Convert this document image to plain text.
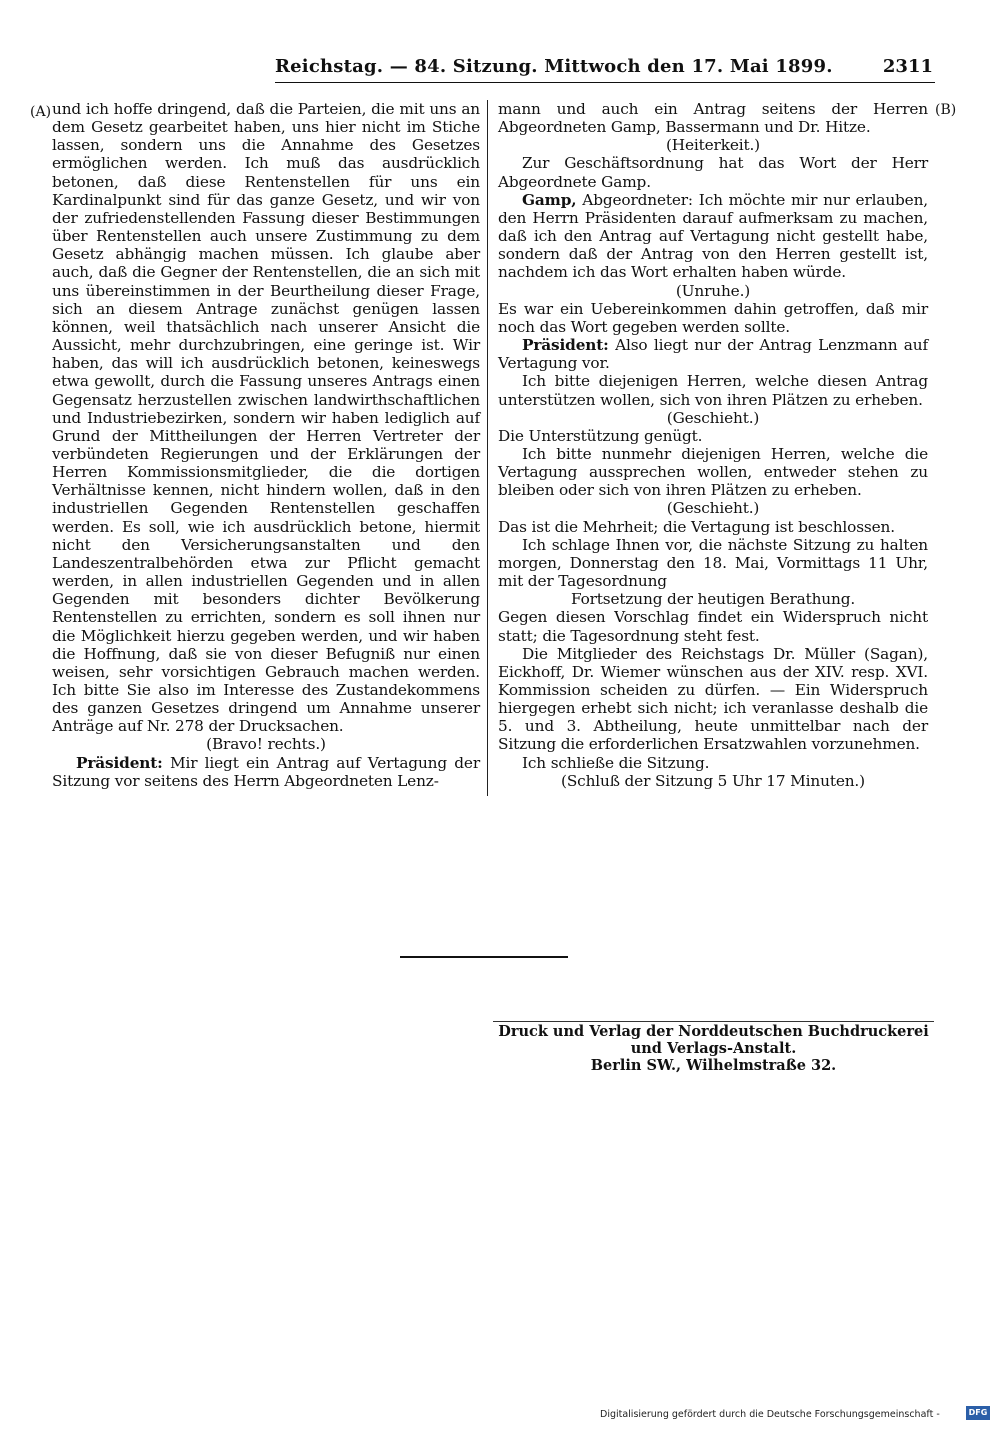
Reichstag. — 84. Sitzung. Mittwoch den 17. Mai 1899.	2311
(A)	(B)

und ich hoffe dringend, daß die Parteien, die mit uns an dem Gesetz gearbeitet haben, uns hier nicht im Stiche lassen, sondern uns die Annahme des Gesetzes ermöglichen werden. Ich muß das ausdrücklich betonen, daß diese Rentenstellen für uns ein Kardinalpunkt sind für das ganze Gesetz, und wir von der zufriedenstellenden Fassung dieser Bestimmungen über Rentenstellen auch unsere Zustimmung zu dem Gesetz abhängig machen müssen. Ich glaube aber auch, daß die Gegner der Rentenstellen, die an sich mit uns übereinstimmen in der Beurtheilung dieser Frage, sich an diesem Antrage zunächst genügen lassen können, weil thatsächlich nach unserer Ansicht die Aussicht, mehr durchzubringen, eine geringe ist. Wir haben, das will ich ausdrücklich betonen, keineswegs etwa gewollt, durch die Fassung unseres Antrags einen Gegensatz herzustellen zwischen landwirthschaftlichen und Industriebezirken, sondern wir haben lediglich auf Grund der Mittheilungen der Herren Vertreter der verbündeten Regierungen und der Erklärungen der Herren Kommissionsmitglieder, die die dortigen Verhältnisse kennen, nicht hindern wollen, daß in den industriellen Gegenden Rentenstellen geschaffen werden. Es soll, wie ich ausdrücklich betone, hiermit nicht den Versicherungsanstalten und den Landeszentralbehörden etwa zur Pflicht gemacht werden, in allen industriellen Gegenden und in allen Gegenden mit besonders dichter Bevölkerung Rentenstellen zu errichten, sondern es soll ihnen nur die Möglichkeit hierzu gegeben werden, und wir haben die Hoffnung, daß sie von dieser Befugniß nur einen weisen, sehr vorsichtigen Gebrauch machen werden. Ich bitte Sie also im Interesse des Zustandekommens des ganzen Gesetzes dringend um Annahme unserer Anträge auf Nr. 278 der Drucksachen.

(Bravo! rechts.)

Präsident: Mir liegt ein Antrag auf Vertagung der Sitzung vor seitens des Herrn Abgeordneten Lenz-

mann und auch ein Antrag seitens der Herren Abgeordneten Gamp, Bassermann und Dr. Hitze.

(Heiterkeit.)

Zur Geschäftsordnung hat das Wort der Herr Abgeordnete Gamp.

Gamp, Abgeordneter: Ich möchte mir nur erlauben, den Herrn Präsidenten darauf aufmerksam zu machen, daß ich den Antrag auf Vertagung nicht gestellt habe, sondern daß der Antrag von den Herren gestellt ist, nachdem ich das Wort erhalten haben würde.

(Unruhe.)

Es war ein Uebereinkommen dahin getroffen, daß mir noch das Wort gegeben werden sollte.

Präsident: Also liegt nur der Antrag Lenzmann auf Vertagung vor.

Ich bitte diejenigen Herren, welche diesen Antrag unterstützen wollen, sich von ihren Plätzen zu erheben.

(Geschieht.)

Die Unterstützung genügt.

Ich bitte nunmehr diejenigen Herren, welche die Vertagung aussprechen wollen, entweder stehen zu bleiben oder sich von ihren Plätzen zu erheben.

(Geschieht.)

Das ist die Mehrheit; die Vertagung ist beschlossen.

Ich schlage Ihnen vor, die nächste Sitzung zu halten morgen, Donnerstag den 18. Mai, Vormittags 11 Uhr, mit der Tagesordnung

Fortsetzung der heutigen Berathung.

Gegen diesen Vorschlag findet ein Widerspruch nicht statt; die Tagesordnung steht fest.

Die Mitglieder des Reichstags Dr. Müller (Sagan), Eickhoff, Dr. Wiemer wünschen aus der XIV. resp. XVI. Kommission scheiden zu dürfen. — Ein Widerspruch hiergegen erhebt sich nicht; ich veranlasse deshalb die 5. und 3. Abtheilung, heute unmittelbar nach der Sitzung die erforderlichen Ersatzwahlen vorzunehmen.

Ich schließe die Sitzung.

(Schluß der Sitzung 5 Uhr 17 Minuten.)

Druck und Verlag der Norddeutschen Buchdruckerei und Verlags-Anstalt.
Berlin SW., Wilhelmstraße 32.
Digitalisierung gefördert durch die Deutsche Forschungsgemeinschaft -	DFG
